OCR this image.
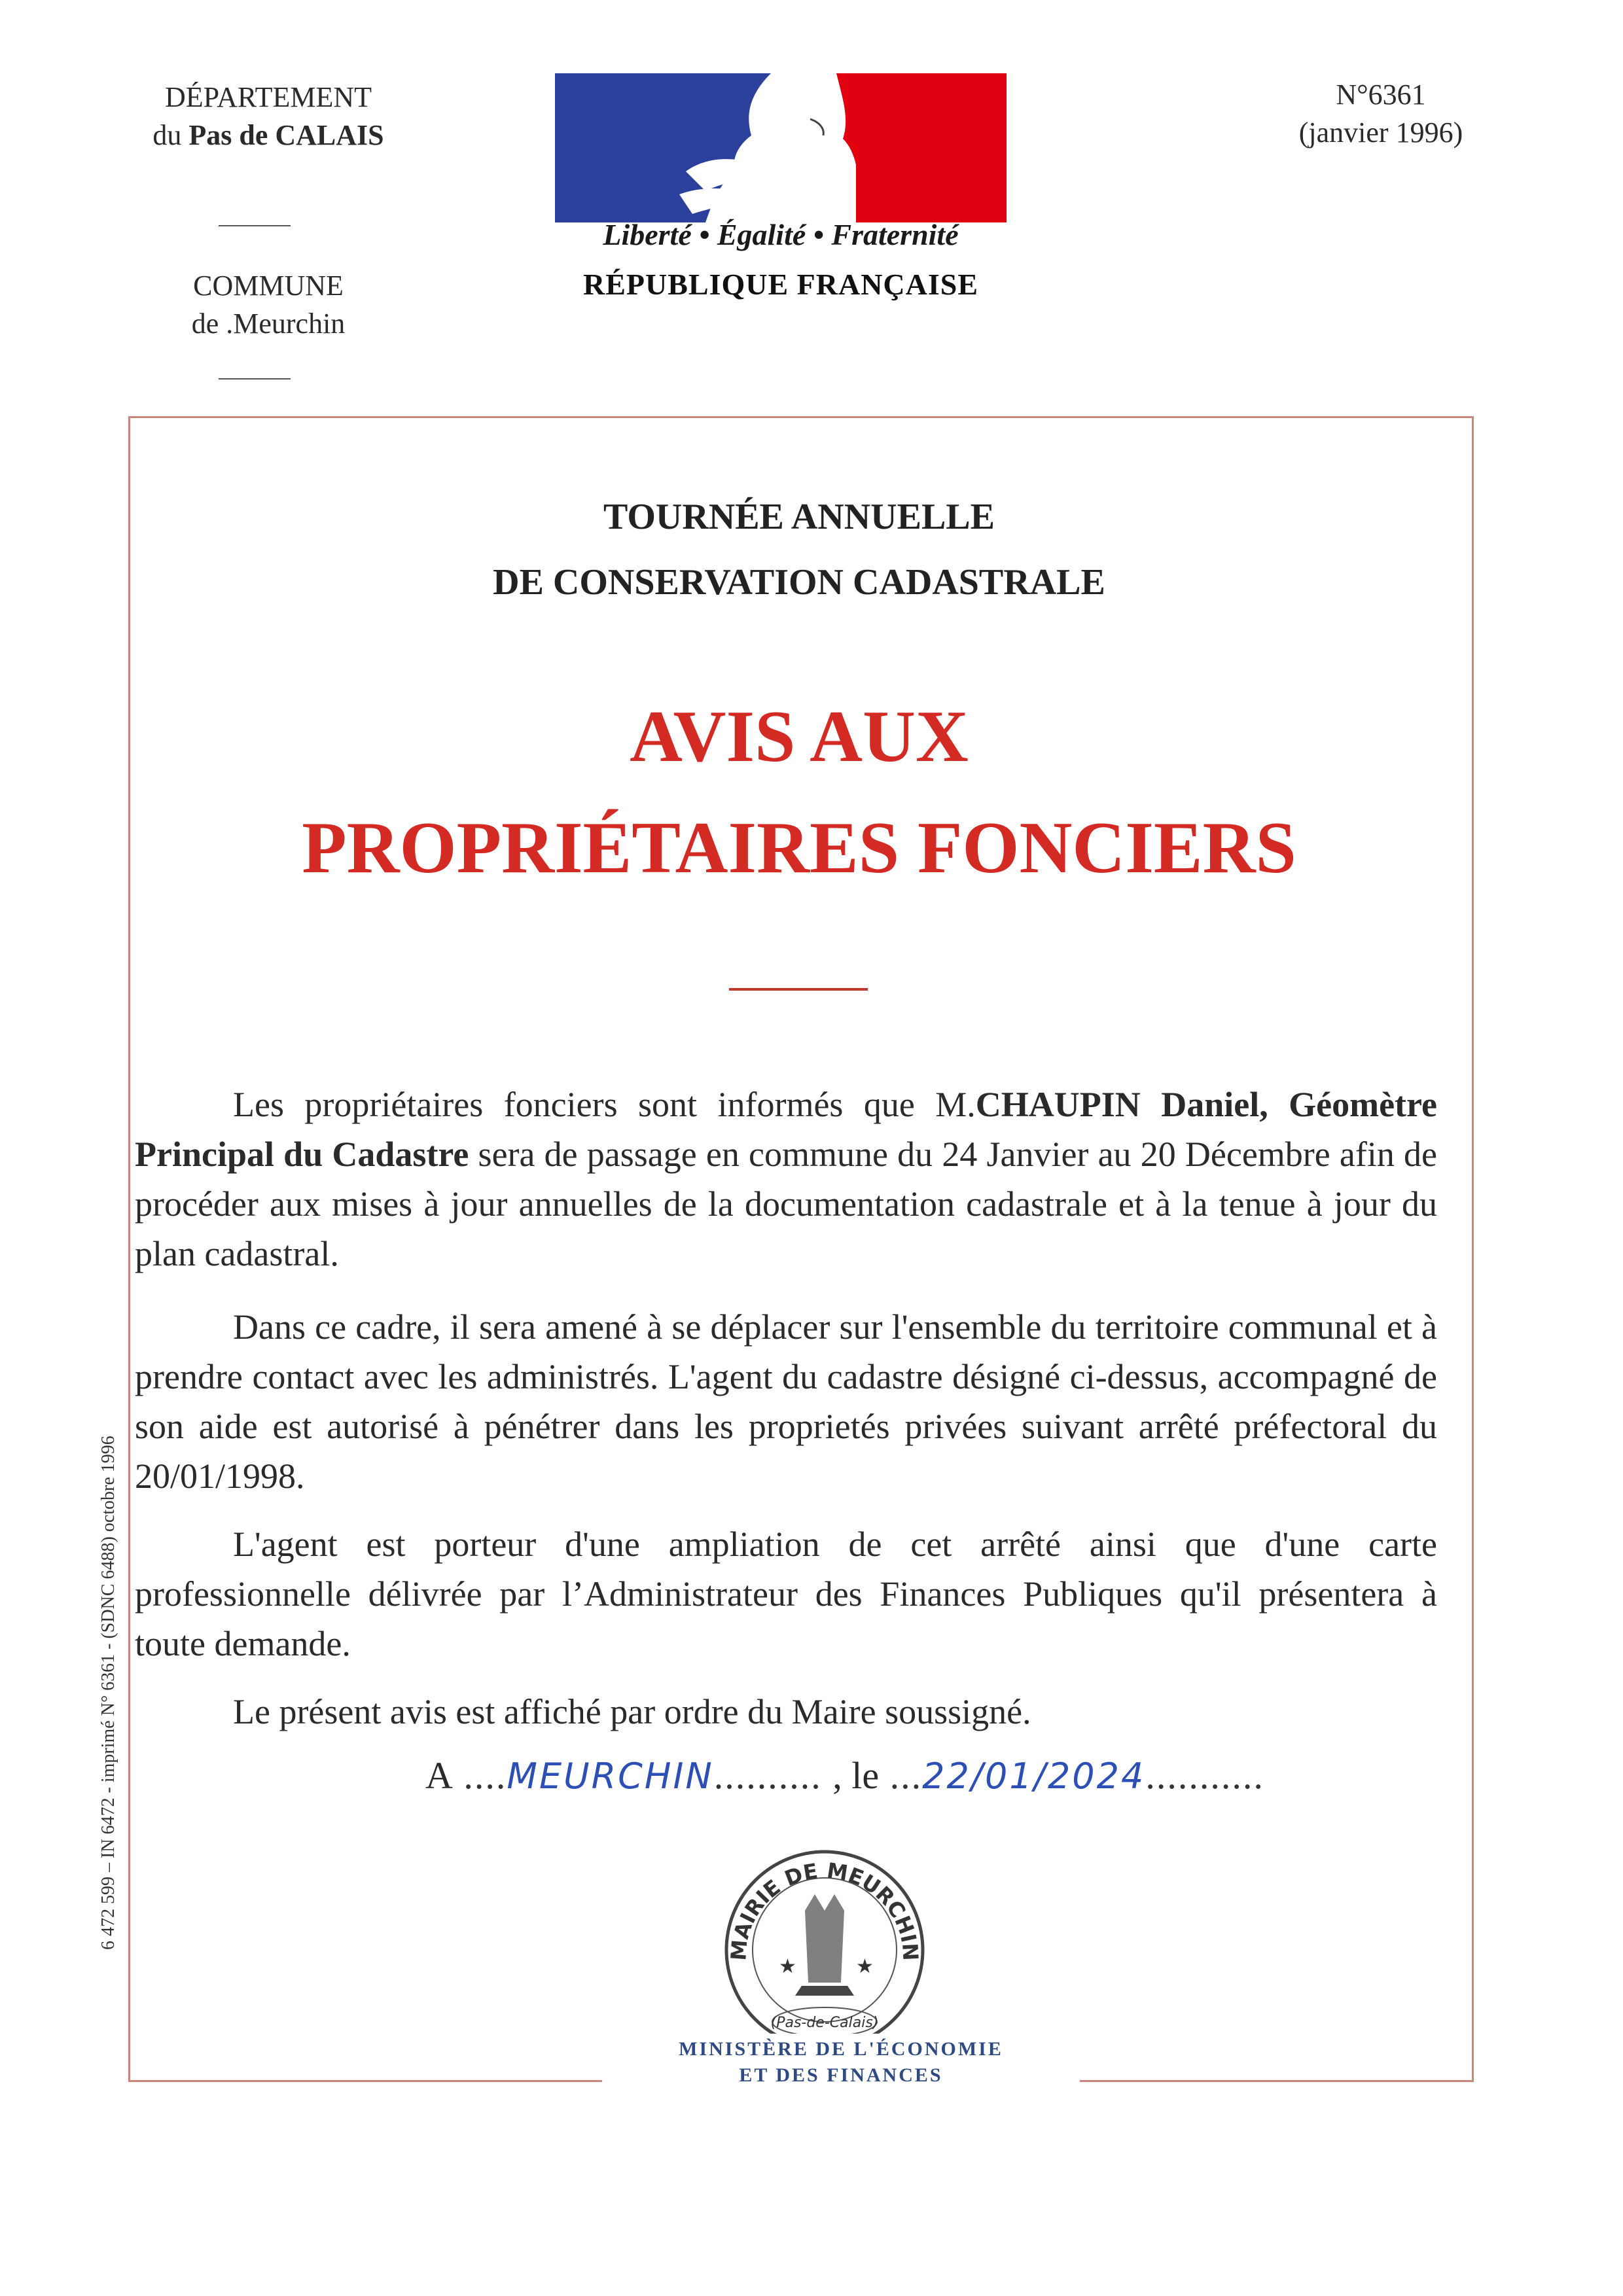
DÉPARTEMENT
du Pas de CALAIS
COMMUNE
de .Meurchin
N°6361
(janvier 1996)
Liberté • Égalité • Fraternité
RÉPUBLIQUE FRANÇAISE
TOURNÉE ANNUELLE
DE CONSERVATION CADASTRALE
AVIS AUX
PROPRIÉTAIRES FONCIERS

Les propriétaires fonciers sont informés que M.CHAUPIN Daniel, Géomètre Principal du Cadastre sera de passage en commune du 24 Janvier au 20 Décembre afin de procéder aux mises à jour annuelles de la documentation cadastrale et à la tenue à jour du plan cadastral.

Dans ce cadre, il sera amené à se déplacer sur l'ensemble du territoire communal et à prendre contact avec les administrés. L'agent du cadastre désigné ci-dessus, accompagné de son aide est autorisé à pénétrer dans les proprietés privées suivant arrêté préfectoral du 20/01/1998.

L'agent est porteur d'une ampliation de cet arrêté ainsi que d'une carte professionnelle délivrée par l’Administrateur des Finances Publiques qu'il présentera à toute demande.

Le présent avis est affiché par ordre du Maire soussigné.

A ....MEURCHIN.......... , le ...22/01/2024...........
MAIRIE DE MEURCHIN
★	★
(Pas-de-Calais)
MINISTÈRE DE L'ÉCONOMIE
ET DES FINANCES
6 472 599 – IN 6472 - imprimé N° 6361 - (SDNC 6488) octobre 1996
